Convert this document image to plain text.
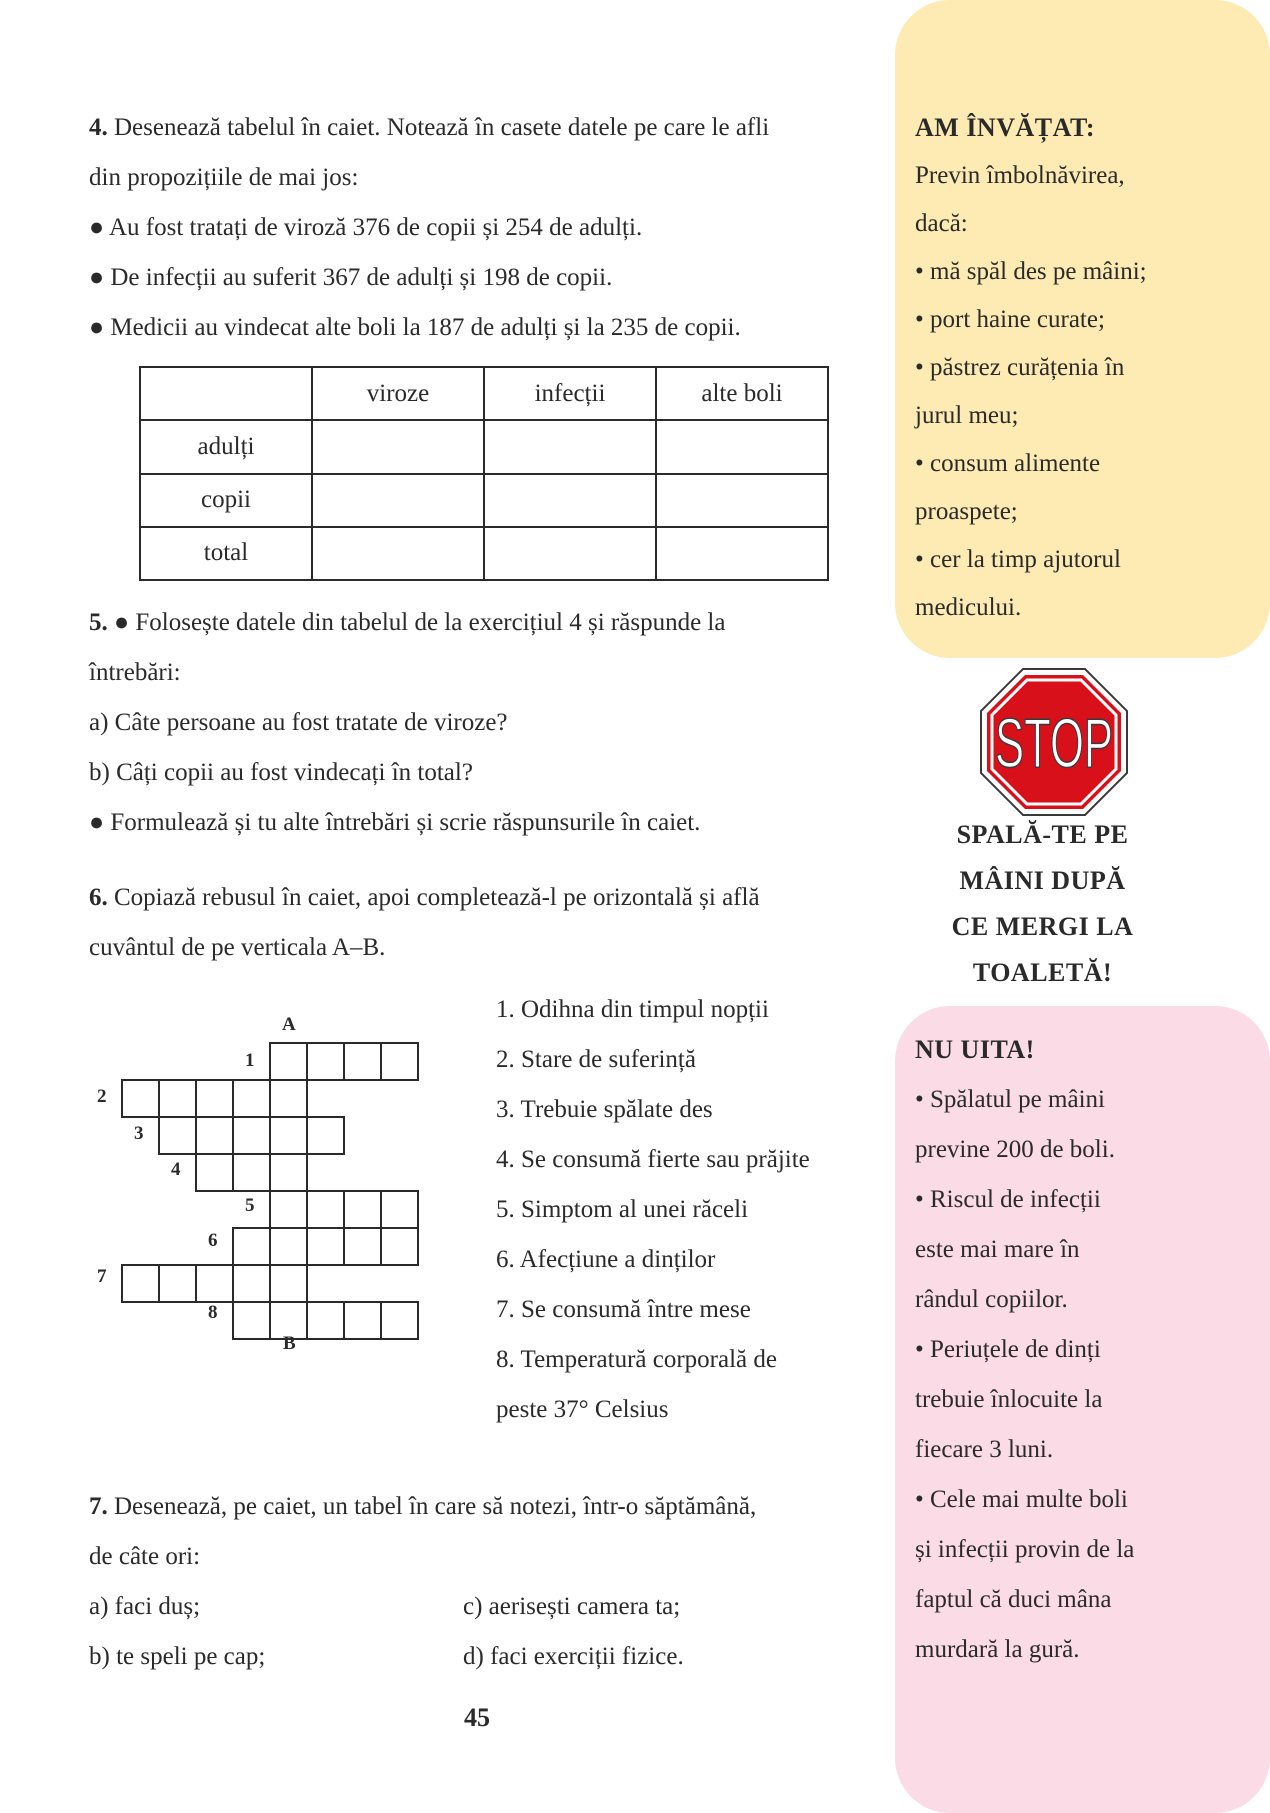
4. Desenează tabelul în caiet. Notează în casete datele pe care le afli
din propozițiile de mai jos:
● Au fost tratați de viroză 376 de copii și 254 de adulți.
● De infecții au suferit 367 de adulți și 198 de copii.
● Medicii au vindecat alte boli la 187 de adulți și la 235 de copii.
	viroze	infecții	alte boli
adulți			
copii			
total			
5. ● Folosește datele din tabelul de la exercițiul 4 și răspunde la
întrebări:
a) Câte persoane au fost tratate de viroze?
b) Câți copii au fost vindecați în total?
● Formulează și tu alte întrebări și scrie răspunsurile în caiet.
6. Copiază rebusul în caiet, apoi completează-l pe orizontală și află
cuvântul de pe verticala A–B.
A
B
1
2
3
4
5
6
7
8
1. Odihna din timpul nopții
2. Stare de suferință
3. Trebuie spălate des
4. Se consumă fierte sau prăjite
5. Simptom al unei răceli
6. Afecțiune a dinților
7. Se consumă între mese
8. Temperatură corporală de
peste 37° Celsius
7. Desenează, pe caiet, un tabel în care să notezi, într-o săptămână,
de câte ori:
a) faci duș;
b) te speli pe cap;
c) aerisești camera ta;
d) faci exerciții fizice.
45
AM ÎNVĂȚAT:
Previn îmbolnăvirea,
dacă:
• mă spăl des pe mâini;
• port haine curate;
• păstrez curățenia în
jurul meu;
• consum alimente
proaspete;
• cer la timp ajutorul
medicului.
STOP
SPALĂ-TE PE
MÂINI DUPĂ
CE MERGI LA
TOALETĂ!
NU UITA!
• Spălatul pe mâini
previne 200 de boli.
• Riscul de infecții
este mai mare în
rândul copiilor.
• Periuțele de dinți
trebuie înlocuite la
fiecare 3 luni.
• Cele mai multe boli
și infecții provin de la
faptul că duci mâna
murdară la gură.
